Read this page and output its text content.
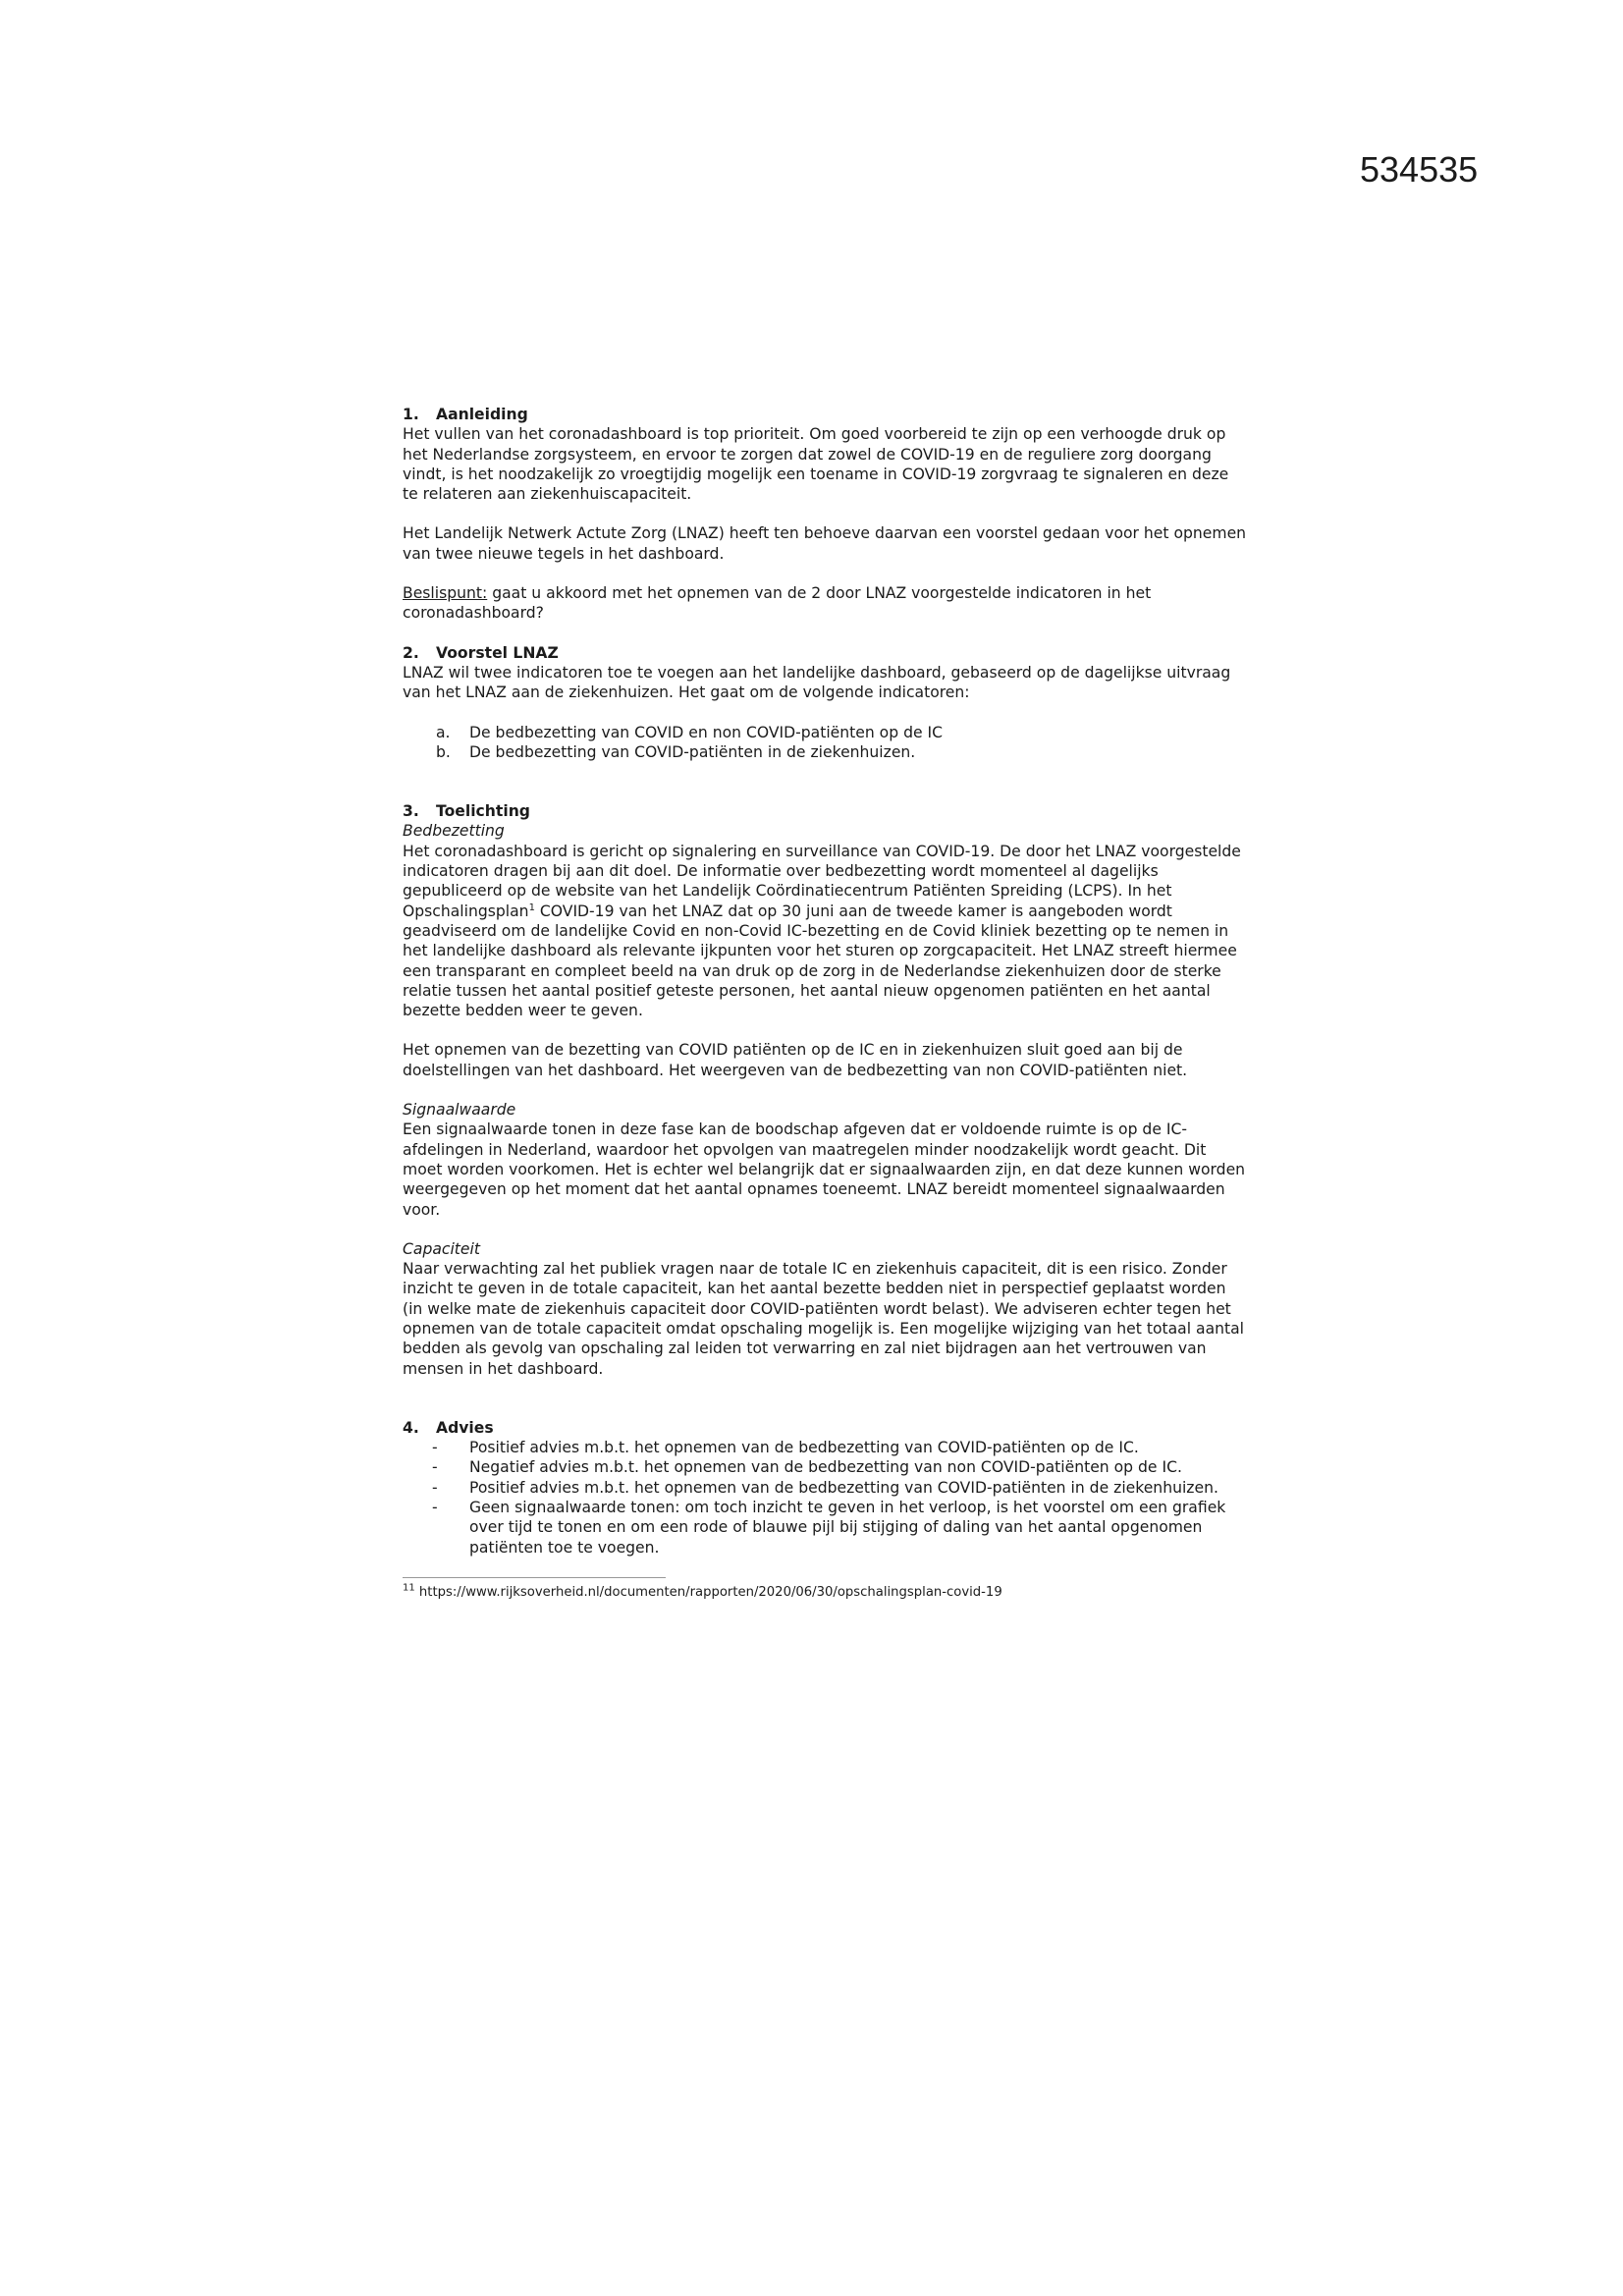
534535
1.	Aanleiding

Het vullen van het coronadashboard is top prioriteit. Om goed voorbereid te zijn op een verhoogde druk op het Nederlandse zorgsysteem, en ervoor te zorgen dat zowel de COVID-19 en de reguliere zorg doorgang vindt, is het noodzakelijk zo vroegtijdig mogelijk een toename in COVID-19 zorgvraag te signaleren en deze te relateren aan ziekenhuiscapaciteit.

Het Landelijk Netwerk Actute Zorg (LNAZ) heeft ten behoeve daarvan een voorstel gedaan voor het opnemen van twee nieuwe tegels in het dashboard.

Beslispunt: gaat u akkoord met het opnemen van de 2 door LNAZ voorgestelde indicatoren in het coronadashboard?

2.	Voorstel LNAZ

LNAZ wil twee indicatoren toe te voegen aan het landelijke dashboard, gebaseerd op de dagelijkse uitvraag van het LNAZ aan de ziekenhuizen. Het gaat om de volgende indicatoren:

a.	De bedbezetting van COVID en non COVID-patiënten op de IC
b.	De bedbezetting van COVID-patiënten in de ziekenhuizen.
3.	Toelichting

Bedbezetting

Het coronadashboard is gericht op signalering en surveillance van COVID-19. De door het LNAZ voorgestelde indicatoren dragen bij aan dit doel. De informatie over bedbezetting wordt momenteel al dagelijks gepubliceerd op de website van het Landelijk Coördinatiecentrum Patiënten Spreiding (LCPS). In het Opschalingsplan$^1$ COVID-19 van het LNAZ dat op 30 juni aan de tweede kamer is aangeboden wordt geadviseerd om de landelijke Covid en non-Covid IC-bezetting en de Covid kliniek bezetting op te nemen in het landelijke dashboard als relevante ijkpunten voor het sturen op zorgcapaciteit. Het LNAZ streeft hiermee een transparant en compleet beeld na van druk op de zorg in de Nederlandse ziekenhuizen door de sterke relatie tussen het aantal positief geteste personen, het aantal nieuw opgenomen patiënten en het aantal bezette bedden weer te geven.

Het opnemen van de bezetting van COVID patiënten op de IC en in ziekenhuizen sluit goed aan bij de doelstellingen van het dashboard. Het weergeven van de bedbezetting van non COVID-patiënten niet.

Signaalwaarde

Een signaalwaarde tonen in deze fase kan de boodschap afgeven dat er voldoende ruimte is op de IC-afdelingen in Nederland, waardoor het opvolgen van maatregelen minder noodzakelijk wordt geacht. Dit moet worden voorkomen. Het is echter wel belangrijk dat er signaalwaarden zijn, en dat deze kunnen worden weergegeven op het moment dat het aantal opnames toeneemt. LNAZ bereidt momenteel signaalwaarden voor.

Capaciteit

Naar verwachting zal het publiek vragen naar de totale IC en ziekenhuis capaciteit, dit is een risico. Zonder inzicht te geven in de totale capaciteit, kan het aantal bezette bedden niet in perspectief geplaatst worden (in welke mate de ziekenhuis capaciteit door COVID-patiënten wordt belast). We adviseren echter tegen het opnemen van de totale capaciteit omdat opschaling mogelijk is. Een mogelijke wijziging van het totaal aantal bedden als gevolg van opschaling zal leiden tot verwarring en zal niet bijdragen aan het vertrouwen van mensen in het dashboard.

4.	Advies
-	Positief advies m.b.t. het opnemen van de bedbezetting van COVID-patiënten op de IC.
-	Negatief advies m.b.t. het opnemen van de bedbezetting van non COVID-patiënten op de IC.
-	Positief advies m.b.t. het opnemen van de bedbezetting van COVID-patiënten in de ziekenhuizen.
-	Geen signaalwaarde tonen: om toch inzicht te geven in het verloop, is het voorstel om een grafiek over tijd te tonen en om een rode of blauwe pijl bij stijging of daling van het aantal opgenomen patiënten toe te voegen.
$^{11}$ https://www.rijksoverheid.nl/documenten/rapporten/2020/06/30/opschalingsplan-covid-19
